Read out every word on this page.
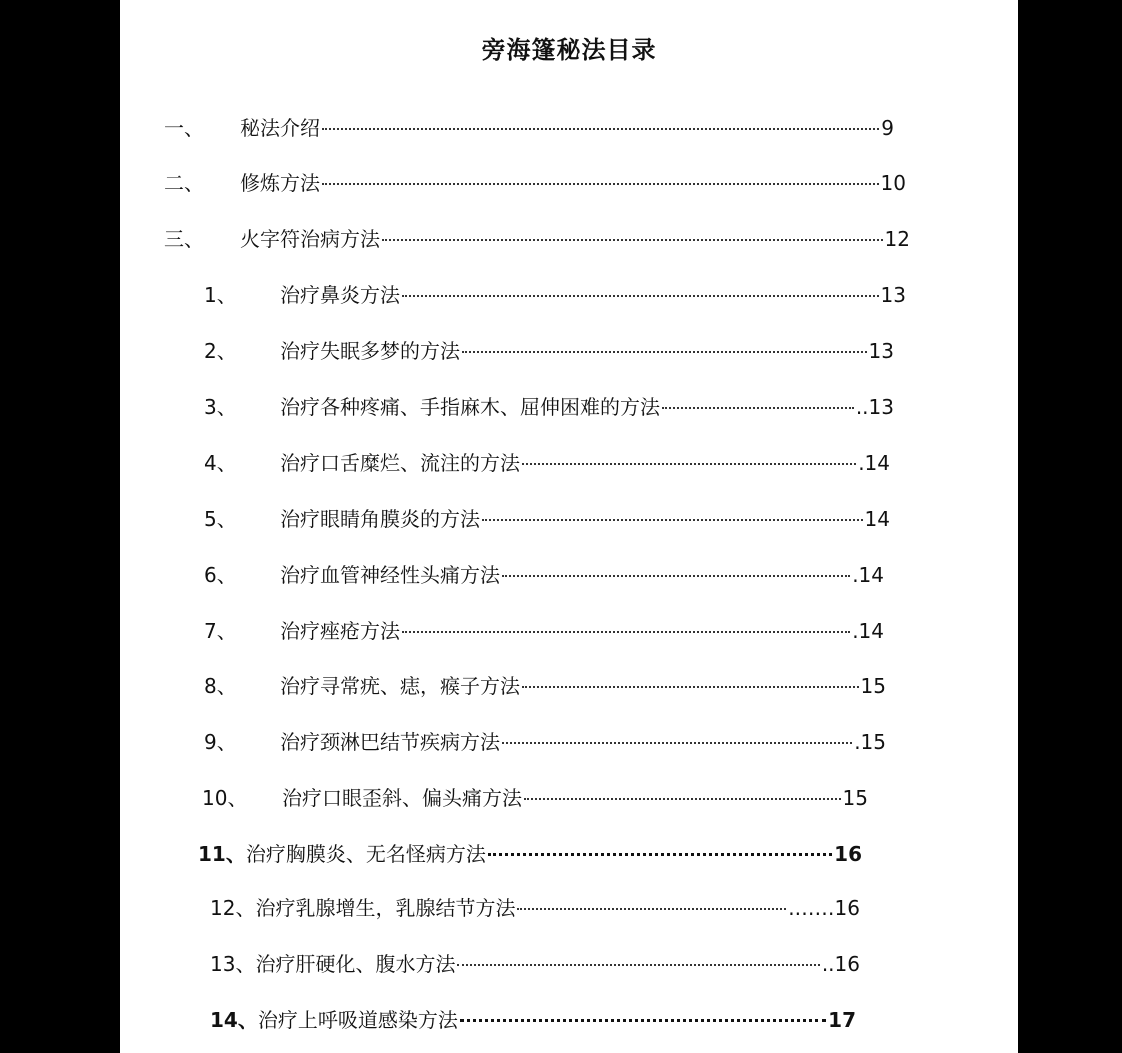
旁海篷秘法目录
一、	秘法介绍	9
二、	修炼方法	10
三、	火字符治病方法	12
1、	治疗鼻炎方法	13
2、	治疗失眠多梦的方法	13
3、	治疗各种疼痛、手指麻木、屈伸困难的方法	..13
4、	治疗口舌糜烂、流注的方法	.14
5、	治疗眼睛角膜炎的方法	14
6、	治疗血管神经性头痛方法	.14
7、	治疗痤疮方法	.14
8、	治疗寻常疣、痣，瘊子方法	15
9、	治疗颈淋巴结节疾病方法	.15
10、	治疗口眼歪斜、偏头痛方法	15
11、 治疗胸膜炎、无名怪病方法	16
12、 治疗乳腺增生，乳腺结节方法	.……16
13、 治疗肝硬化、腹水方法	..16
14、 治疗上呼吸道感染方法	17
